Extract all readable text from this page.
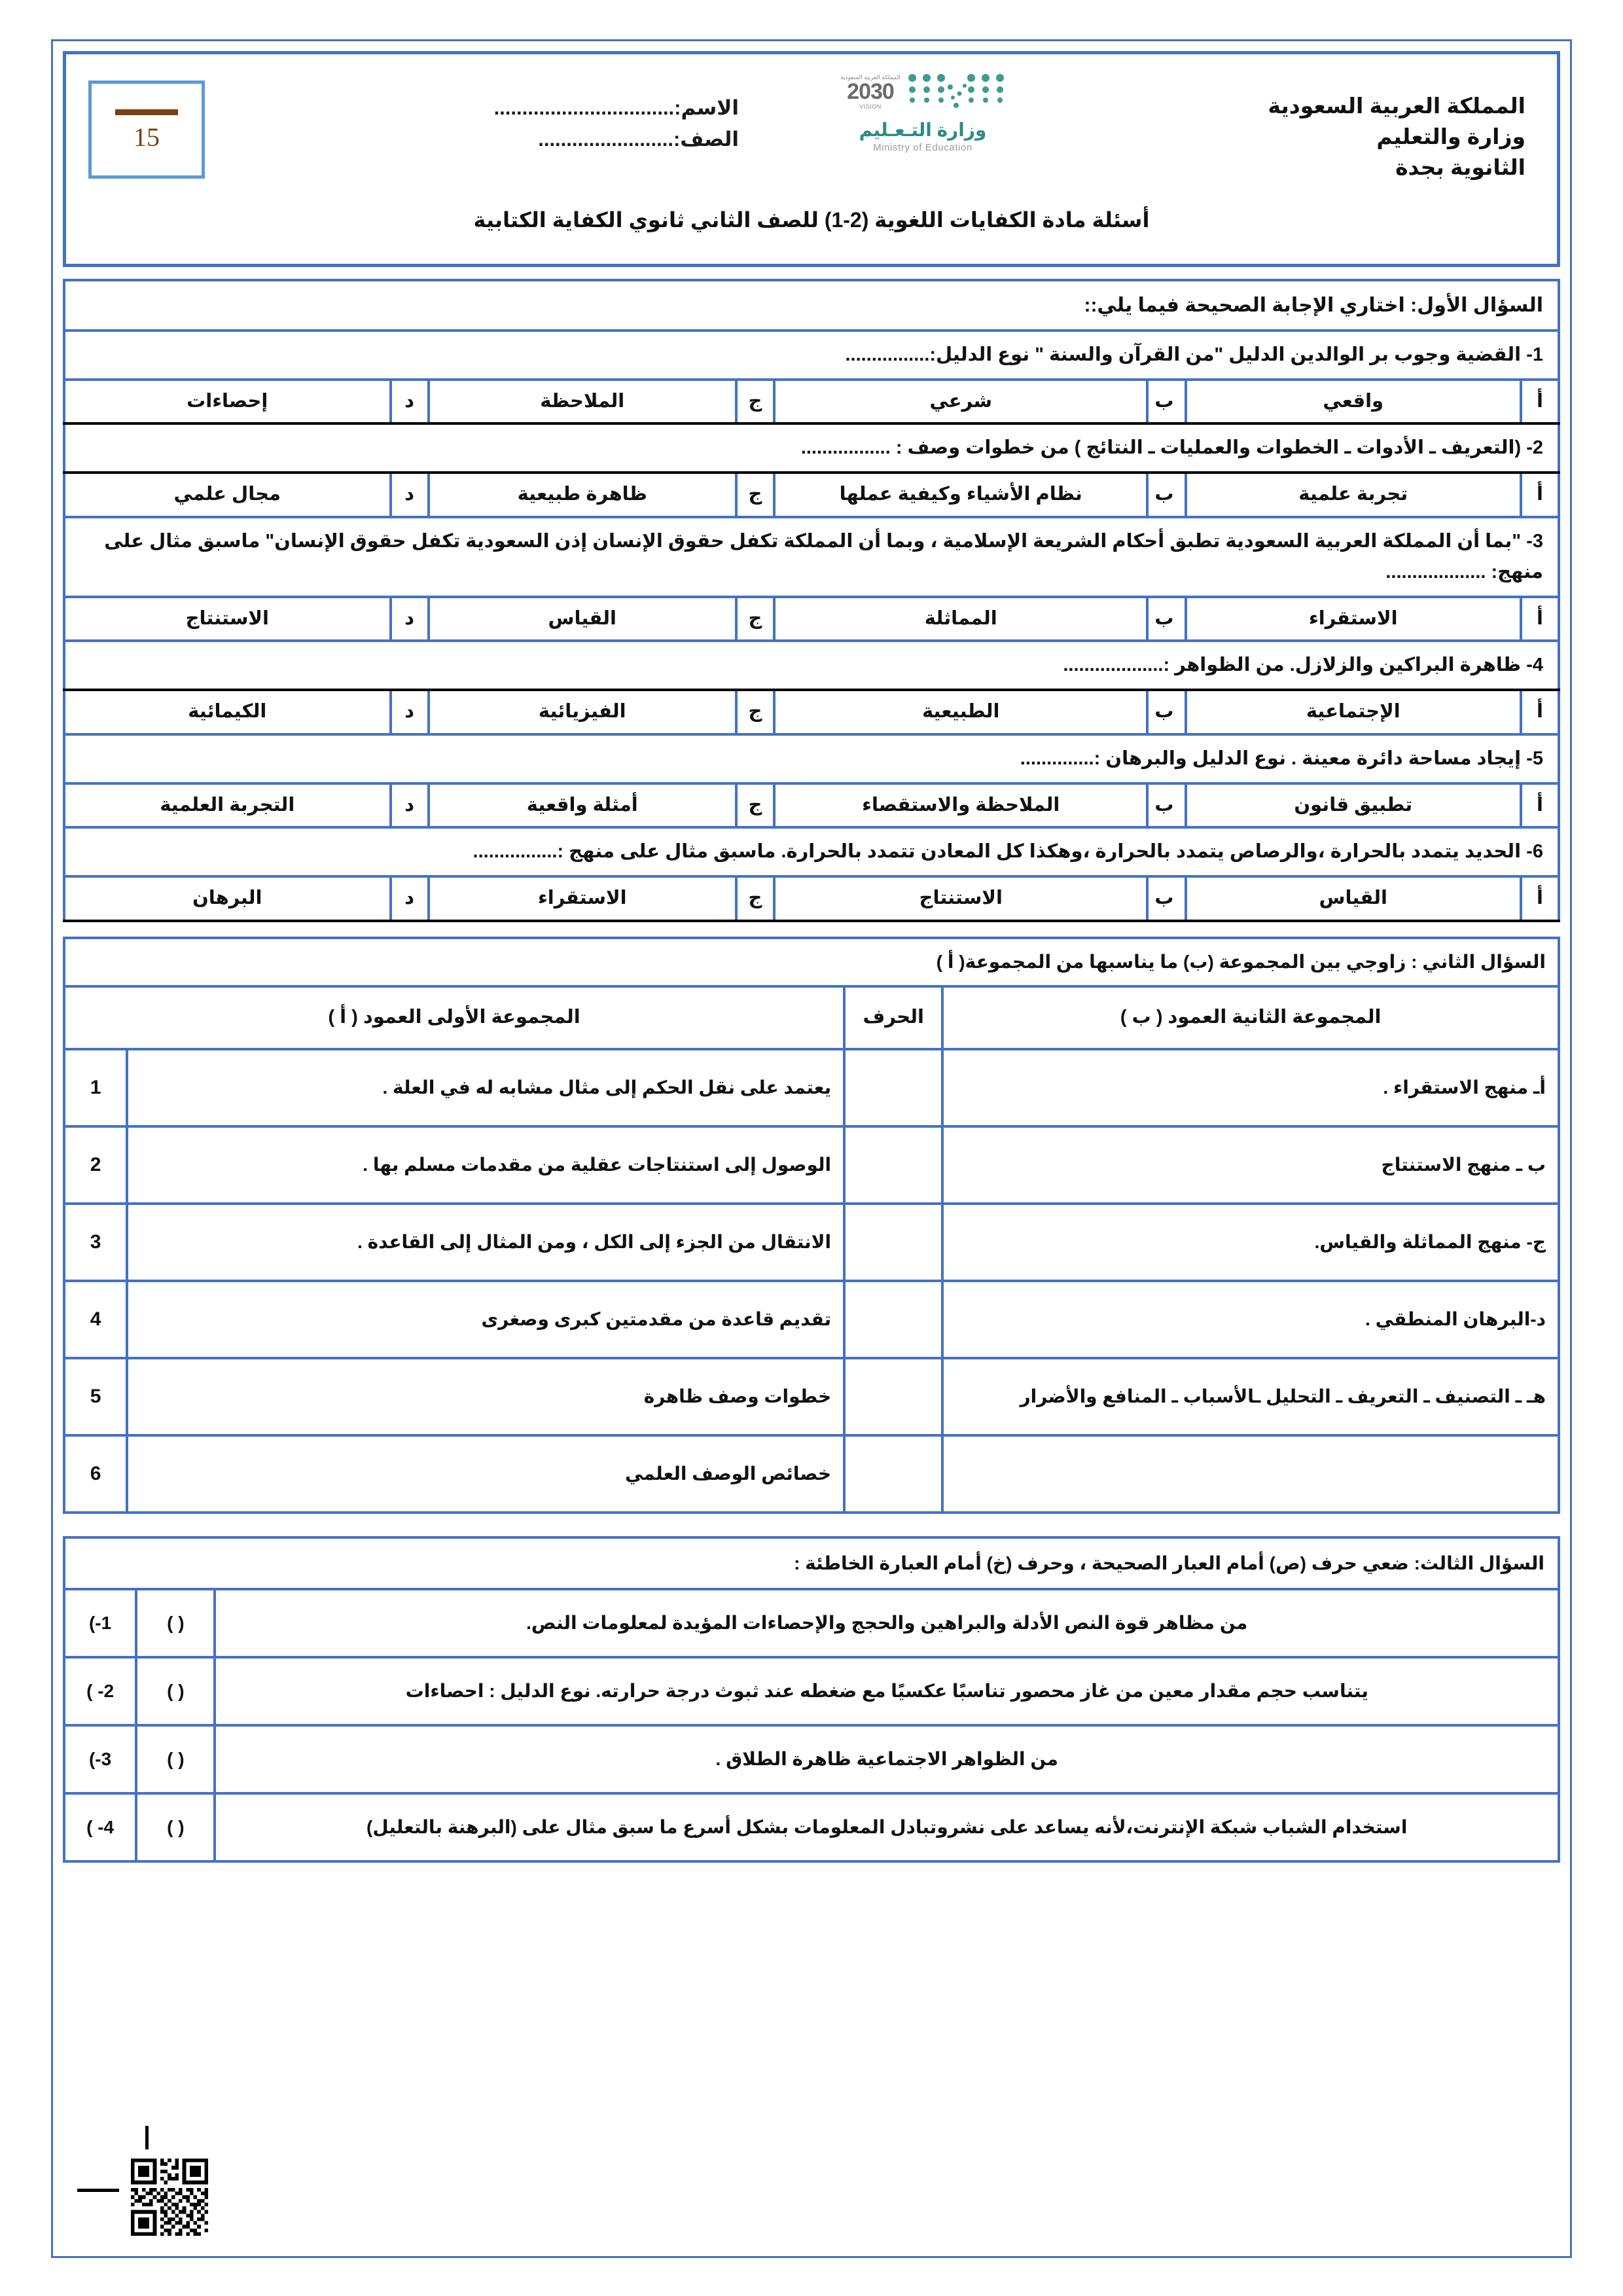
المملكة العربية السعودية
وزارة والتعليم
الثانوية بجدة
المملكة العربية السعودية
2030
VISION
وزارة التـعـليم
Ministry of Education
الاسم:................................
الصف:........................
15
أسئلة مادة الكفايات اللغوية (2-1) للصف الثاني ثانوي الكفاية الكتابية
السؤال الأول: اختاري الإجابة الصحيحة فيما يلي::							
1- القضية وجوب بر الوالدين الدليل "من القرآن والسنة " نوع الدليل:................							
أ	واقعي	ب	شرعي	ج	الملاحظة	د	إحصاءات
2- (التعريف ـ الأدوات ـ الخطوات والعمليات ـ النتائج ) من خطوات وصف : .................							
أ	تجربة علمية	ب	نظام الأشياء وكيفية عملها	ج	ظاهرة طبيعية	د	مجال علمي
3- "بما أن المملكة العربية السعودية تطبق أحكام الشريعة الإسلامية ، وبما أن المملكة تكفل حقوق الإنسان إذن السعودية تكفل حقوق الإنسان" ماسبق مثال على منهج: ...................							
أ	الاستقراء	ب	المماثلة	ج	القياس	د	الاستنتاج
4- ظاهرة البراكين والزلازل. من الظواهر :...................							
أ	الإجتماعية	ب	الطبيعية	ج	الفيزيائية	د	الكيمائية
5- إيجاد مساحة دائرة معينة . نوع الدليل والبرهان :..............							
أ	تطبيق قانون	ب	الملاحظة والاستقصاء	ج	أمثلة واقعية	د	التجربة العلمية
6- الحديد يتمدد بالحرارة ،والرصاص يتمدد بالحرارة ،وهكذا كل المعادن تتمدد بالحرارة. ماسبق مثال على منهج :................							
أ	القياس	ب	الاستنتاج	ج	الاستقراء	د	البرهان
السؤال الثاني : زاوجي بين المجموعة (ب) ما يناسبها من المجموعة( أ )			
المجموعة الثانية العمود ( ب )	الحرف	المجموعة الأولى العمود ( أ )	
أـ منهج الاستقراء .		يعتمد على نقل الحكم إلى مثال مشابه له في العلة .	1
ب ـ منهج الاستنتاج		الوصول إلى استنتاجات عقلية من مقدمات مسلم بها .	2
ج- منهج المماثلة والقياس.		الانتقال من الجزء إلى الكل ، ومن المثال إلى القاعدة .	3
د-البرهان المنطقي .		تقديم قاعدة من مقدمتين كبرى وصغرى	4
هـ ـ التصنيف ـ التعريف ـ التحليل ـالأسباب ـ المنافع والأضرار		خطوات وصف ظاهرة	5
		خصائص الوصف العلمي	6
السؤال الثالث: ضعي حرف (ص) أمام العبار الصحيحة ، وحرف (خ) أمام العبارة الخاطئة :		
من مظاهر قوة النص الأدلة والبراهين والحجج والإحصاءات المؤيدة لمعلومات النص.	( )	1-)
يتناسب حجم مقدار معين من غاز محصور تناسبًا عكسيًا مع ضغطه عند ثبوث درجة حرارته. نوع الدليل : احصاءات	( )	2- )
من الظواهر الاجتماعية ظاهرة الطلاق .	( )	3-)
استخدام الشباب شبكة الإنترنت،لأنه يساعد على نشروتبادل المعلومات بشكل أسرع ما سبق مثال على (البرهنة بالتعليل)	( )	4- )
